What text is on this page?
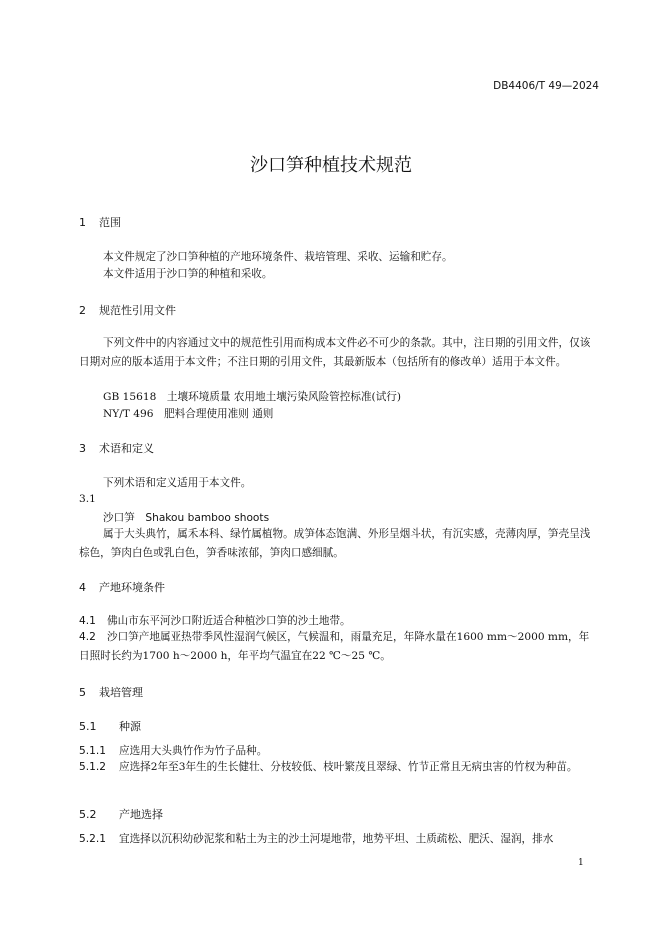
DB4406/T 49—2024
沙口笋种植技术规范
1 范围
本文件规定了沙口笋种植的产地环境条件、栽培管理、采收、运输和贮存。
本文件适用于沙口笋的种植和采收。
2 规范性引用文件
下列文件中的内容通过文中的规范性引用而构成本文件必不可少的条款。其中，注日期的引用文件，仅该日期对应的版本适用于本文件；不注日期的引用文件，其最新版本（包括所有的修改单）适用于本文件。
GB 15618　土壤环境质量 农用地土壤污染风险管控标准(试行)
NY/T 496　肥料合理使用准则 通则
3 术语和定义
下列术语和定义适用于本文件。
3.1
沙口笋　Shakou bamboo shoots
属于大头典竹，属禾本科、绿竹属植物。成笋体态饱满、外形呈烟斗状，有沉实感，壳薄肉厚，笋壳呈浅棕色，笋肉白色或乳白色，笋香味浓郁，笋肉口感细腻。
4 产地环境条件
4.1 佛山市东平河沙口附近适合种植沙口笋的沙土地带。
4.2 沙口笋产地属亚热带季风性湿润气候区，气候温和，雨量充足，年降水量在1600 mm～2000 mm，年日照时长约为1700 h～2000 h，年平均气温宜在22 ℃～25 ℃。
5 栽培管理
5.1 种源
5.1.1 应选用大头典竹作为竹子品种。
5.1.2 应选择2年至3年生的生长健壮、分枝较低、枝叶繁茂且翠绿、竹节正常且无病虫害的竹杈为种苗。
5.2 产地选择
5.2.1 宜选择以沉积幼砂泥浆和粘土为主的沙土河堤地带，地势平坦、土质疏松、肥沃、湿润，排水
1
